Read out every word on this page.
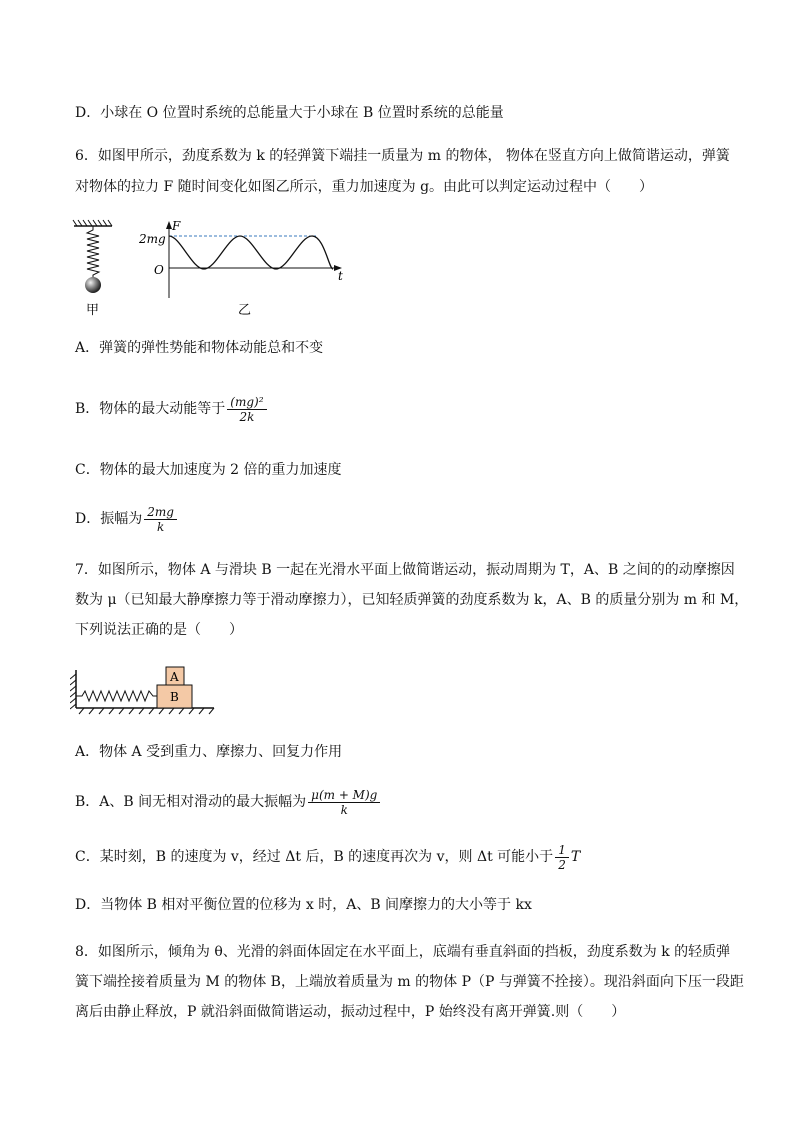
D．小球在 O 位置时系统的总能量大于小球在 B 位置时系统的总能量
6．如图甲所示，劲度系数为 k 的轻弹簧下端挂一质量为 m 的物体， 物体在竖直方向上做简谐运动，弹簧
对物体的拉力 F 随时间变化如图乙所示，重力加速度为 g。由此可以判定运动过程中（　　）
甲
F
t
O
2mg
乙
A．弹簧的弹性势能和物体动能总和不变
B．物体的最大动能等于 $\frac{\text{(mg)²}}{2k}$
C．物体的最大加速度为 2 倍的重力加速度
D．振幅为 $\frac{2mg}{k}$
7．如图所示，物体 A 与滑块 B 一起在光滑水平面上做简谐运动，振动周期为 T，A、B 之间的的动摩擦因
数为 μ（已知最大静摩擦力等于滑动摩擦力），已知轻质弹簧的劲度系数为 k，A、B 的质量分别为 m 和 M，
下列说法正确的是（　　）
A
B
A．物体 A 受到重力、摩擦力、回复力作用
B．A、B 间无相对滑动的最大振幅为 $\frac{\mu(m + M)g}{k}$
C．某时刻，B 的速度为 v，经过 Δt 后，B 的速度再次为 v，则 Δt 可能小于 $\frac{1}{2}$ T
D．当物体 B 相对平衡位置的位移为 x 时，A、B 间摩擦力的大小等于 kx
8．如图所示，倾角为 θ、光滑的斜面体固定在水平面上，底端有垂直斜面的挡板，劲度系数为 k 的轻质弹
簧下端拴接着质量为 M 的物体 B，上端放着质量为 m 的物体 P（P 与弹簧不拴接）。现沿斜面向下压一段距
离后由静止释放，P 就沿斜面做简谐运动，振动过程中，P 始终没有离开弹簧.则（　　）
